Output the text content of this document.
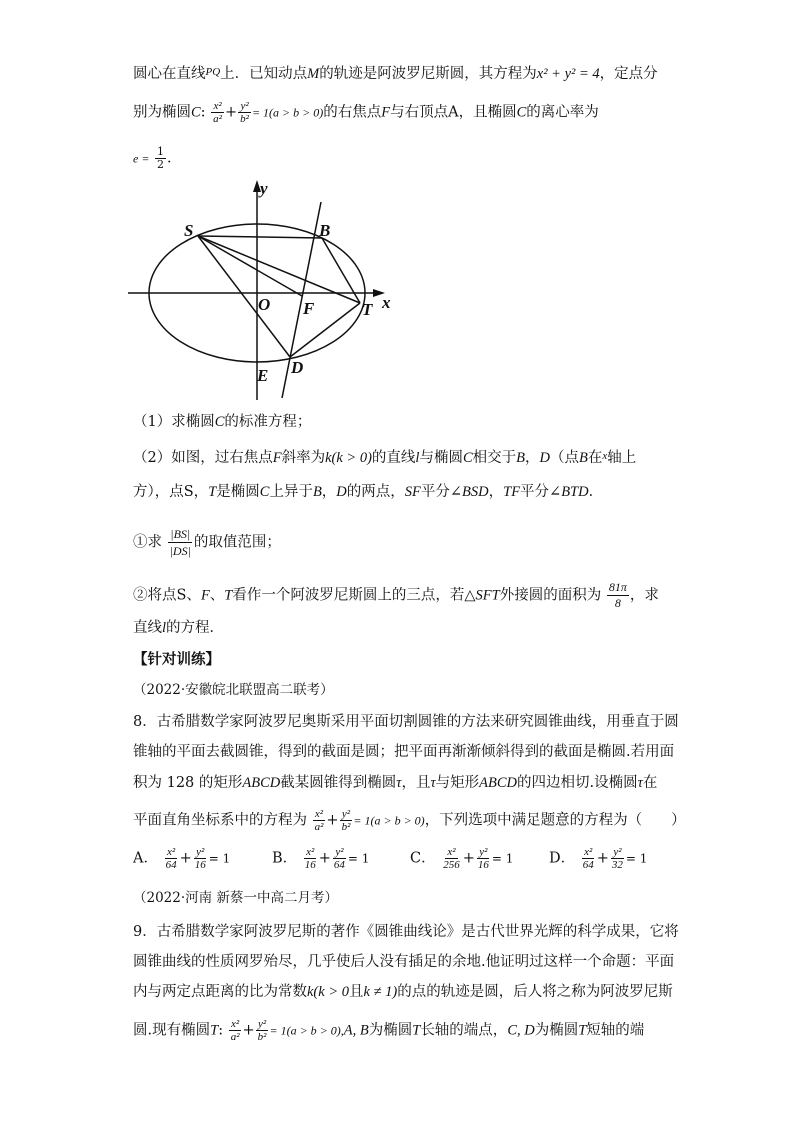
圆心在直线$^{PQ}$上．已知动点M的轨迹是阿波罗尼斯圆，其方程为x² + y² = 4，定点分
别为椭圆C: $\frac{\text{x²}}{\text{a²}} + \frac{\text{y²}}{\text{b²}} = 1(a > b > 0)$的右焦点F与右顶点A，且椭圆C的离心率为
$e = \frac{1}{2}$ ．
y
x
S	B
O F	T
D
E
（1）求椭圆C的标准方程；
（2）如图，过右焦点F斜率为k(k > 0)的直线l与椭圆C相交于B，D（点B在$^x$轴上
方），点S，T是椭圆C上异于B，D的两点，SF平分∠BSD，TF平分∠BTD．
①求 $\frac{|BS|}{|DS|}$ 的取值范围；
②将点S、F、T看作一个阿波罗尼斯圆上的三点，若△SFT外接圆的面积为 $\frac{81\pi}{8}$ ，求
直线l的方程．
【针对训练】
（2022·安徽皖北联盟高二联考）
8．古希腊数学家阿波罗尼奥斯采用平面切割圆锥的方法来研究圆锥曲线，用垂直于圆
锥轴的平面去截圆锥，得到的截面是圆；把平面再渐渐倾斜得到的截面是椭圆.若用面
积为 128 的矩形ABCD截某圆锥得到椭圆τ，且τ与矩形ABCD的四边相切.设椭圆τ在
平面直角坐标系中的方程为 $\frac{\text{x²}}{\text{a²}} + \frac{\text{y²}}{\text{b²}} = 1(a > b > 0)$，下列选项中满足题意的方程为（　　）
A． $\frac{\text{x²}}{64} + \frac{\text{y²}}{16} = 1$	B． $\frac{\text{x²}}{16} + \frac{\text{y²}}{64} = 1$	C． $\frac{\text{x²}}{256} + \frac{\text{y²}}{16} = 1$ D． $\frac{\text{x²}}{64} + \frac{\text{y²}}{32} = 1$
（2022·河南 新蔡一中高二月考）
9．古希腊数学家阿波罗尼斯的著作《圆锥曲线论》是古代世界光辉的科学成果，它将
圆锥曲线的性质网罗殆尽，几乎使后人没有插足的余地.他证明过这样一个命题：平面
内与两定点距离的比为常数k(k > 0且k ≠ 1)的点的轨迹是圆，后人将之称为阿波罗尼斯
圆.现有椭圆T: $\frac{\text{x²}}{\text{a²}} + \frac{\text{y²}}{\text{b²}} = 1(a > b > 0),A$, B为椭圆T长轴的端点，C, D为椭圆T短轴的端
